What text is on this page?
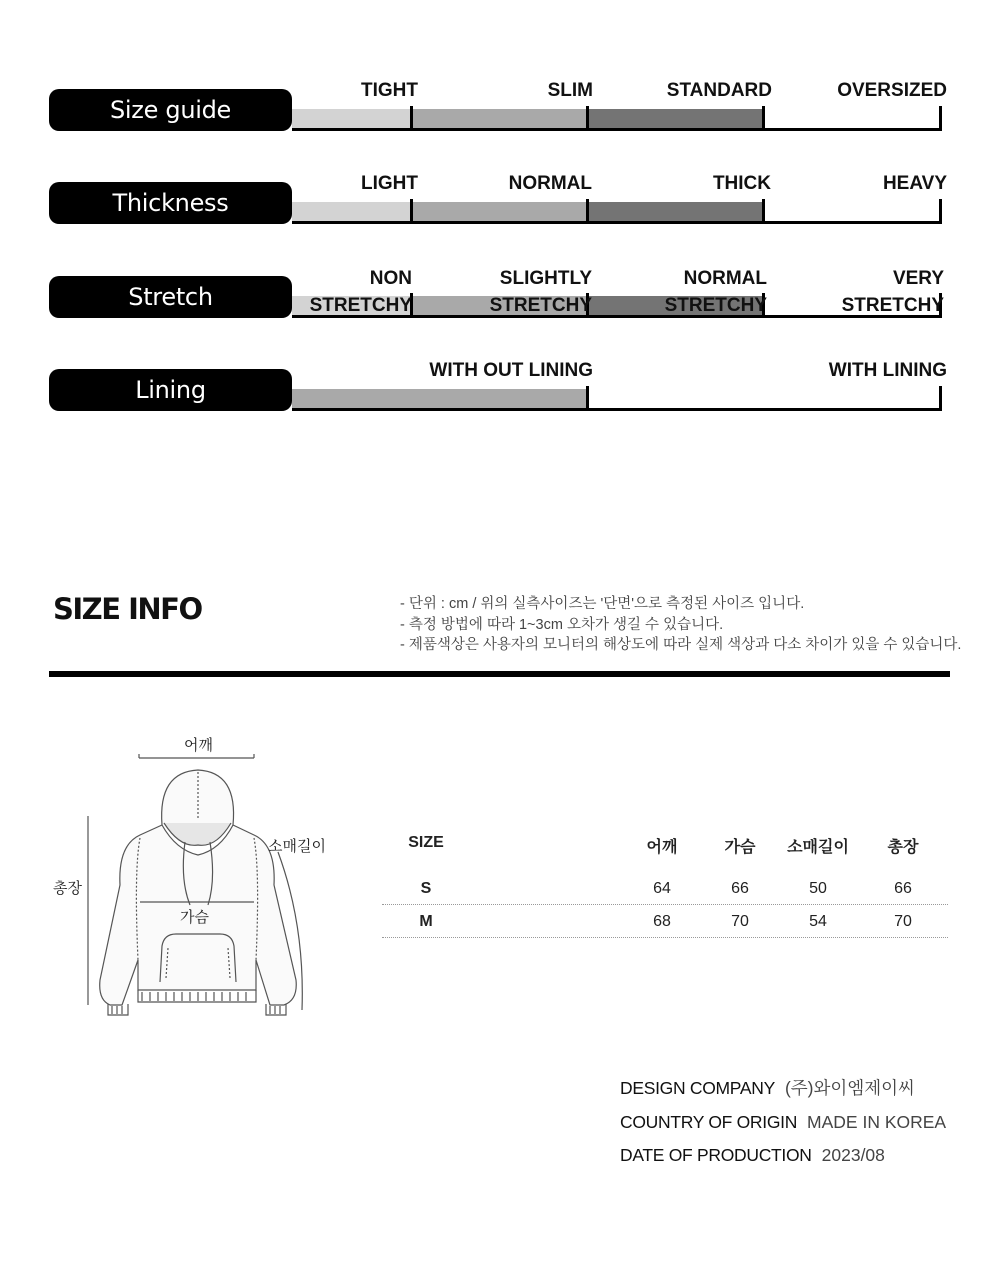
Size guide
TIGHT	SLIM	STANDARD	OVERSIZED
Thickness
LIGHT	NORMAL	THICK	HEAVY
Stretch
NON
STRETCHY
SLIGHTLY
STRETCHY
NORMAL
STRETCHY
VERY
STRETCHY
Lining
WITH OUT LINING	WITH LINING
SIZE INFO	- 단위 : cm / 위의 실측사이즈는 '단면'으로 측정된 사이즈 입니다.
- 측정 방법에 따라 1~3cm 오차가 생길 수 있습니다.
- 제품색상은 사용자의 모니터의 해상도에 따라 실제 색상과 다소 차이가 있을 수 있습니다.
어깨
소매길이
총장
가슴
SIZE	어깨	가슴 소매길이 총장
S	64	66	50	66
M	68	70	54	70
DESIGN COMPANY (주)와이엠제이씨
COUNTRY OF ORIGIN MADE IN KOREA
DATE OF PRODUCTION 2023/08
